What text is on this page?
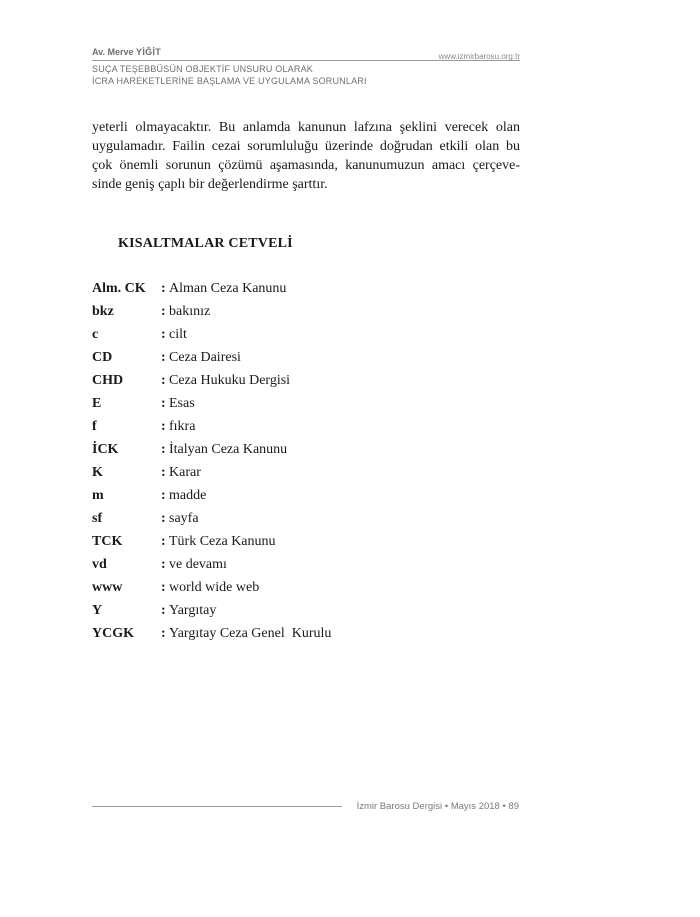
Av. Merve YİĞİT	www.izmirbarosu.org.tr
SUÇA TEŞEBBÜSÜN OBJEKTİF UNSURU OLARAK
İCRA HAREKETLERİNE BAŞLAMA VE UYGULAMA SORUNLARI
yeterli olmayacaktır. Bu anlamda kanunun lafzına şeklini verecek olan
uygulamadır. Failin cezai sorumluluğu üzerinde doğrudan etkili olan bu
çok önemli sorunun çözümü aşamasında, kanunumuzun amacı çerçeve-
sinde geniş çaplı bir değerlendirme şarttır.
KISALTMALAR CETVELİ
Alm. CK	: Alman Ceza Kanunu
bkz	: bakınız
c	: cilt
CD	: Ceza Dairesi
CHD	: Ceza Hukuku Dergisi
E	: Esas
f	: fıkra
İCK	: İtalyan Ceza Kanunu
K	: Karar
m	: madde
sf	: sayfa
TCK	: Türk Ceza Kanunu
vd	: ve devamı
www	: world wide web
Y	: Yargıtay
YCGK	: Yargıtay Ceza Genel  Kurulu
İzmir Barosu Dergisi • Mayıs 2018 • 89
